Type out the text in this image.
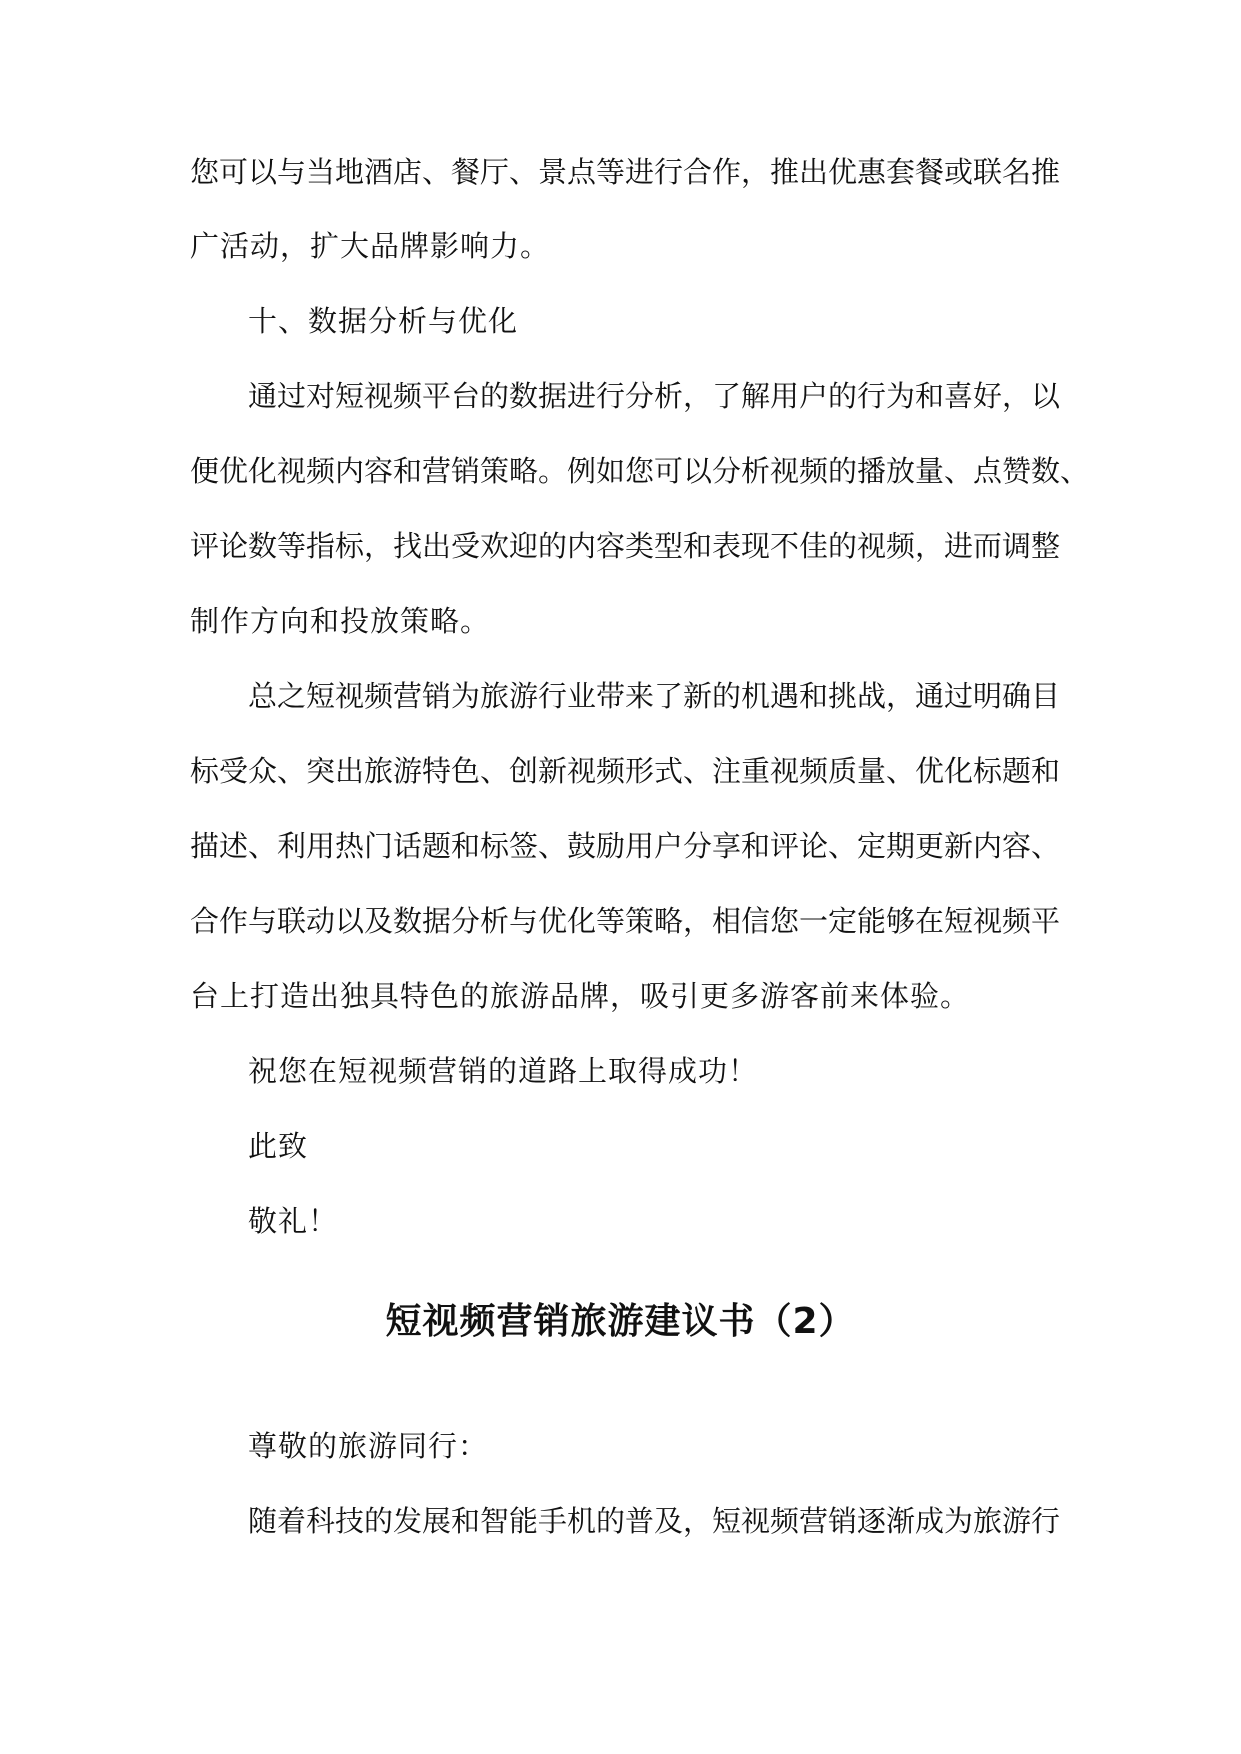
您可以与当地酒店、餐厅、景点等进行合作，推出优惠套餐或联名推
广活动，扩大品牌影响力。
十、数据分析与优化
通过对短视频平台的数据进行分析，了解用户的行为和喜好，以
便优化视频内容和营销策略。例如您可以分析视频的播放量、点赞数、
评论数等指标，找出受欢迎的内容类型和表现不佳的视频，进而调整
制作方向和投放策略。
总之短视频营销为旅游行业带来了新的机遇和挑战，通过明确目
标受众、突出旅游特色、创新视频形式、注重视频质量、优化标题和
描述、利用热门话题和标签、鼓励用户分享和评论、定期更新内容、
合作与联动以及数据分析与优化等策略，相信您一定能够在短视频平
台上打造出独具特色的旅游品牌，吸引更多游客前来体验。
祝您在短视频营销的道路上取得成功！
此致
敬礼！
短视频营销旅游建议书（2）
尊敬的旅游同行：
随着科技的发展和智能手机的普及，短视频营销逐渐成为旅游行
